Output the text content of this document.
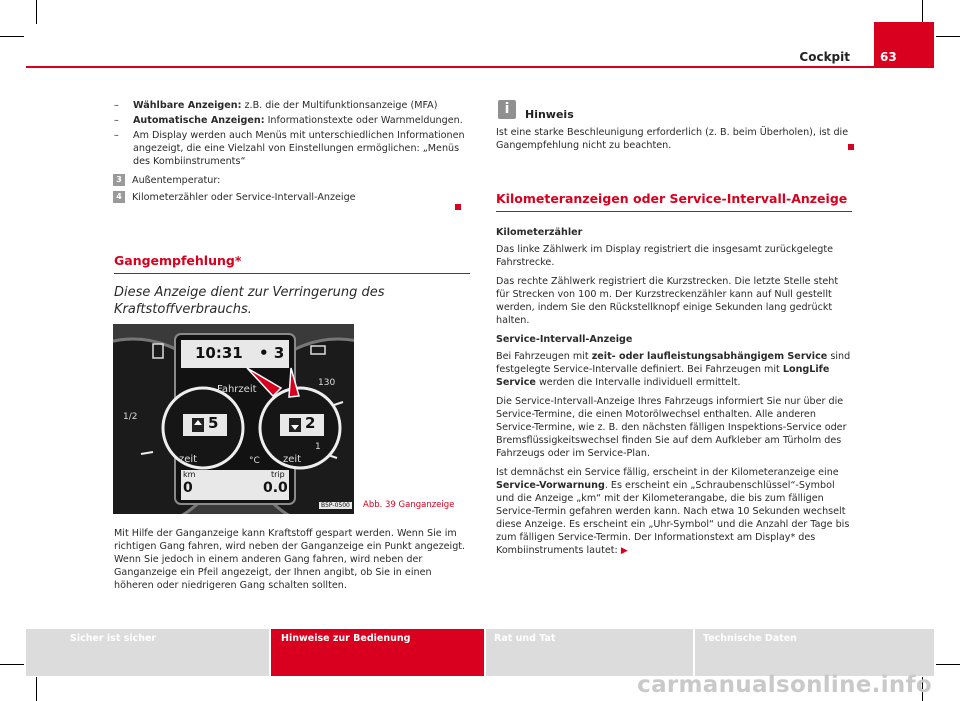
Cockpit	63
– Wählbare Anzeigen: z.B. die der Multifunktionsanzeige (MFA)
– Automatische Anzeigen: Informationstexte oder Warnmeldungen.
– Am Display werden auch Menüs mit unterschiedlichen Informationen angezeigt, die eine Vielzahl von Einstellungen ermöglichen: „Menüs des Kombiinstruments“
3	Außentemperatur:
4	Kilometerzähler oder Service-Intervall-Anzeige
Gangempfehlung*
Diese Anzeige dient zur Verringerung des Kraftstoffverbrauchs.
10:31 • 3
Fahrzeit
1/2
130
5	2
zeit	zeit
1
°C
km
0
trip
0.0
B5P-0500 Abb. 39 Ganganzeige
Mit Hilfe der Ganganzeige kann Kraftstoff gespart werden. Wenn Sie im richtigen Gang fahren, wird neben der Ganganzeige ein Punkt angezeigt. Wenn Sie jedoch in einem anderen Gang fahren, wird neben der Ganganzeige ein Pfeil angezeigt, der Ihnen angibt, ob Sie in einen höheren oder niedrigeren Gang schalten sollten.
i	Hinweis
Ist eine starke Beschleunigung erforderlich (z. B. beim Überholen), ist die Gangempfehlung nicht zu beachten.
Kilometeranzeigen oder Service-Intervall-Anzeige
Kilometerzähler
Das linke Zählwerk im Display registriert die insgesamt zurückgelegte Fahrstrecke.
Das rechte Zählwerk registriert die Kurzstrecken. Die letzte Stelle steht für Strecken von 100 m. Der Kurzstreckenzähler kann auf Null gestellt werden, indem Sie den Rückstellknopf einige Sekunden lang gedrückt halten.
Service-Intervall-Anzeige
Bei Fahrzeugen mit zeit- oder laufleistungsabhängigem Service sind festgelegte Service-Intervalle definiert. Bei Fahrzeugen mit LongLife Service werden die Intervalle individuell ermittelt.
Die Service-Intervall-Anzeige Ihres Fahrzeugs informiert Sie nur über die Service-Termine, die einen Motorölwechsel enthalten. Alle anderen Service-Termine, wie z. B. den nächsten fälligen Inspektions-Service oder Bremsflüssigkeitswechsel finden Sie auf dem Aufkleber am Türholm des Fahrzeugs oder im Service-Plan.
Ist demnächst ein Service fällig, erscheint in der Kilometeranzeige eine Service-Vorwarnung. Es erscheint ein „Schraubenschlüssel“-Symbol und die Anzeige „km“ mit der Kilometerangabe, die bis zum fälligen Service-Termin gefahren werden kann. Nach etwa 10 Sekunden wechselt diese Anzeige. Es erscheint ein „Uhr-Symbol“ und die Anzahl der Tage bis zum fälligen Service-Termin. Der Informationstext am Display* des Kombiinstruments lautet: ▶
Sicher ist sicher	Hinweise zur Bedienung	Rat und Tat	Technische Daten
carmanualsonline.info
